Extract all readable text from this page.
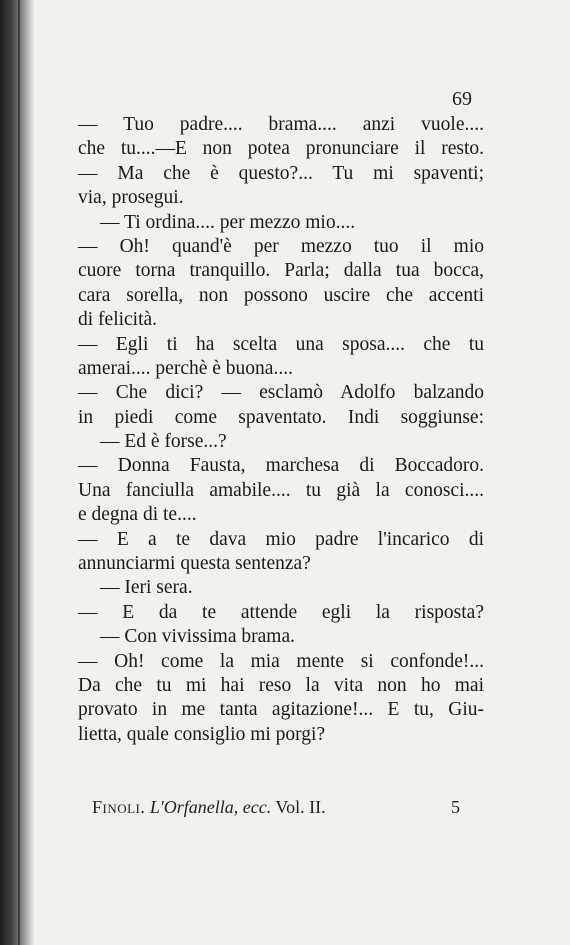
69
— Tuo padre.... brama.... anzi vuole....
che tu....—E non potea pronunciare il resto.
— Ma che è questo?... Tu mi spaventi;
via, prosegui.
— Ti ordina.... per mezzo mio....
— Oh! quand'è per mezzo tuo il mio
cuore torna tranquillo. Parla; dalla tua bocca,
cara sorella, non possono uscire che accenti
di felicità.
— Egli ti ha scelta una sposa.... che tu
amerai.... perchè è buona....
— Che dici? — esclamò Adolfo balzando
in piedi come spaventato. Indi soggiunse:
— Ed è forse...?
— Donna Fausta, marchesa di Boccadoro.
Una fanciulla amabile.... tu già la conosci....
e degna di te....
— E a te dava mio padre l'incarico di
annunciarmi questa sentenza?
— Ieri sera.
— E da te attende egli la risposta?
— Con vivissima brama.
— Oh! come la mia mente si confonde!...
Da che tu mi hai reso la vita non ho mai
provato in me tanta agitazione!... E tu, Giu-
lietta, quale consiglio mi porgi?
Finoli. L'Orfanella, ecc. Vol. II.	5
